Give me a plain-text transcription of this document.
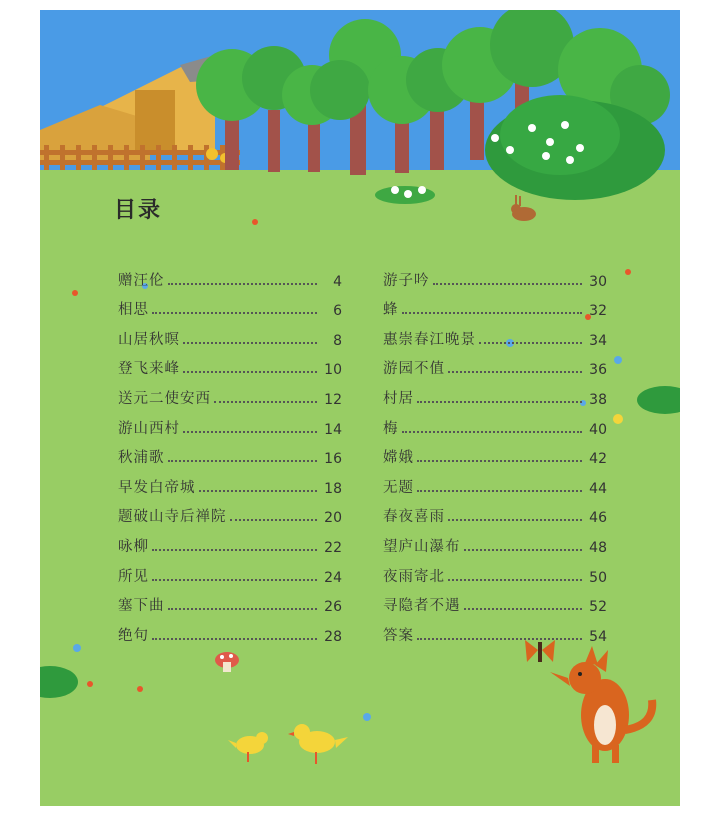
目录
赠汪伦	4
相思	6
山居秋暝	8
登飞来峰	10
送元二使安西	12
游山西村	14
秋浦歌	16
早发白帝城	18
题破山寺后禅院	20
咏柳	22
所见	24
塞下曲	26
绝句	28
游子吟	30
蜂	32
惠崇春江晚景	34
游园不值	36
村居	38
梅	40
嫦娥	42
无题	44
春夜喜雨	46
望庐山瀑布	48
夜雨寄北	50
寻隐者不遇	52
答案	54
